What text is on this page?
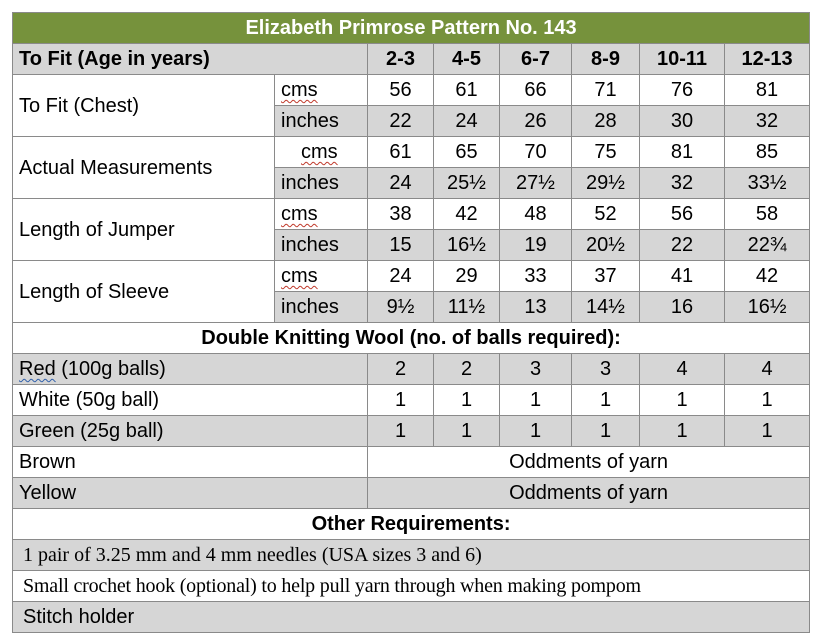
Elizabeth Primrose Pattern No. 143							
To Fit (Age in years)		2-3	4-5	6-7	8-9	10-11	12-13
To Fit (Chest)	cms	56	61	66	71	76	81
	inches	22	24	26	28	30	32
Actual Measurements	cms	61	65	70	75	81	85
	inches	24	25½	27½	29½	32	33½
Length of Jumper	cms	38	42	48	52	56	58
	inches	15	16½	19	20½	22	22¾
Length of Sleeve	cms	24	29	33	37	41	42
	inches	9½	11½	13	14½	16	16½
Double Knitting Wool (no. of balls required):							
Red (100g balls)		2	2	3	3	4	4
White (50g ball)		1	1	1	1	1	1
Green (25g ball)		1	1	1	1	1	1
Brown		Oddments of yarn					
Yellow		Oddments of yarn					
Other Requirements:							
1 pair of 3.25 mm and 4 mm needles (USA sizes 3 and 6)							
Small crochet hook (optional) to help pull yarn through when making pompom							
Stitch holder							
